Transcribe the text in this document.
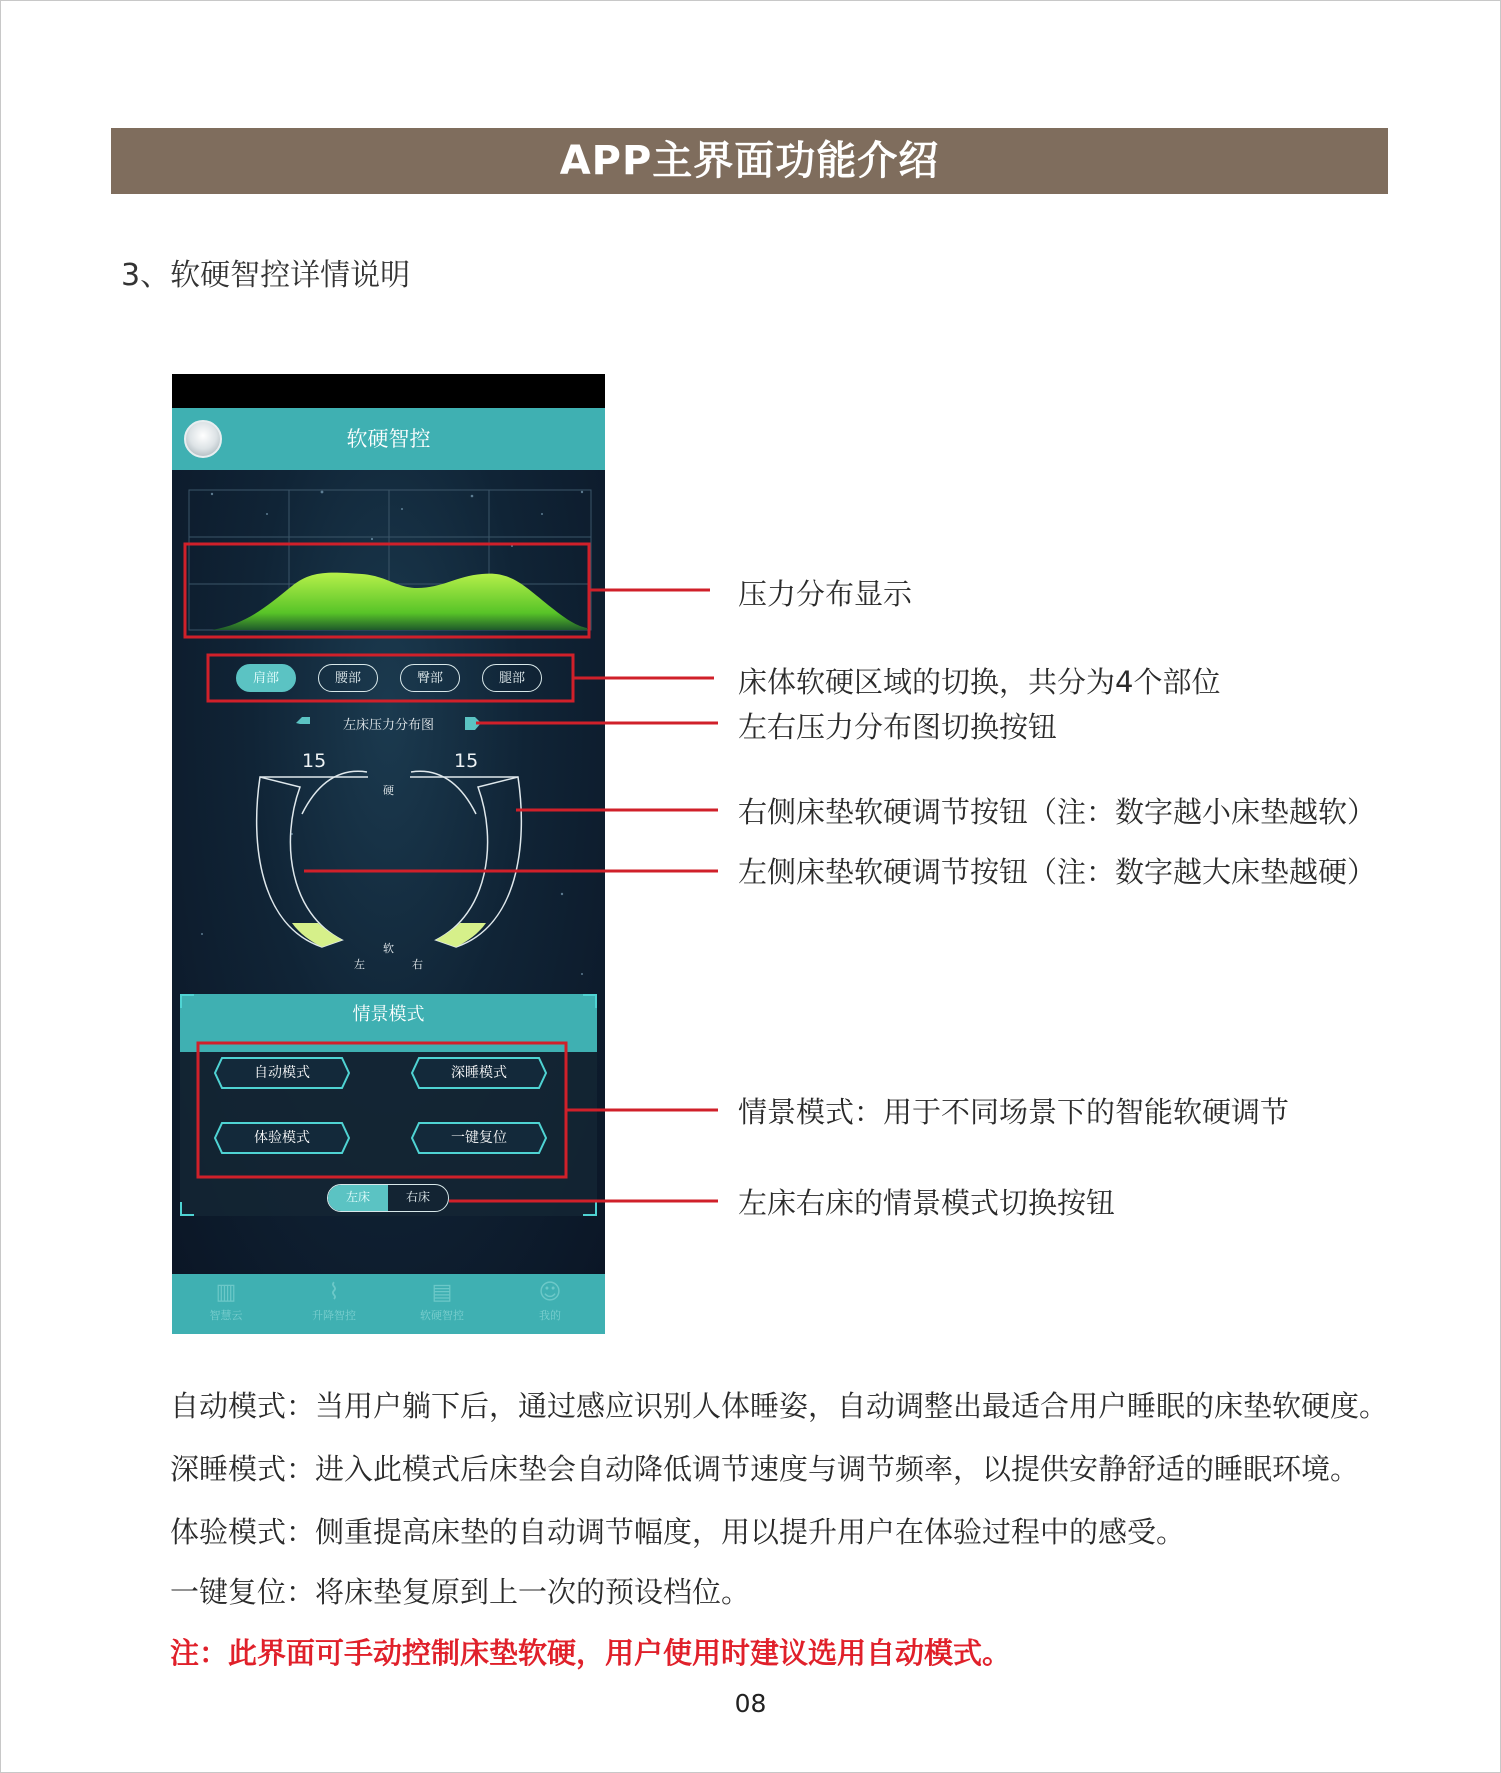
APP主界面功能介绍
3、软硬智控详情说明
软硬智控
肩部	腰部	臀部	腿部
左床压力分布图
15	15
硬
软
左	右
情景模式
自动模式	深睡模式
体验模式	一键复位
左床	右床
▥
智慧云
⌇
升降智控
▤
软硬智控
☺
我的
压力分布显示
床体软硬区域的切换，共分为4个部位
左右压力分布图切换按钮
右侧床垫软硬调节按钮（注：数字越小床垫越软）
左侧床垫软硬调节按钮（注：数字越大床垫越硬）
情景模式：用于不同场景下的智能软硬调节
左床右床的情景模式切换按钮
自动模式：当用户躺下后，通过感应识别人体睡姿，自动调整出最适合用户睡眠的床垫软硬度。
深睡模式：进入此模式后床垫会自动降低调节速度与调节频率，以提供安静舒适的睡眠环境。
体验模式：侧重提高床垫的自动调节幅度，用以提升用户在体验过程中的感受。
一键复位：将床垫复原到上一次的预设档位。
注：此界面可手动控制床垫软硬，用户使用时建议选用自动模式。
08
